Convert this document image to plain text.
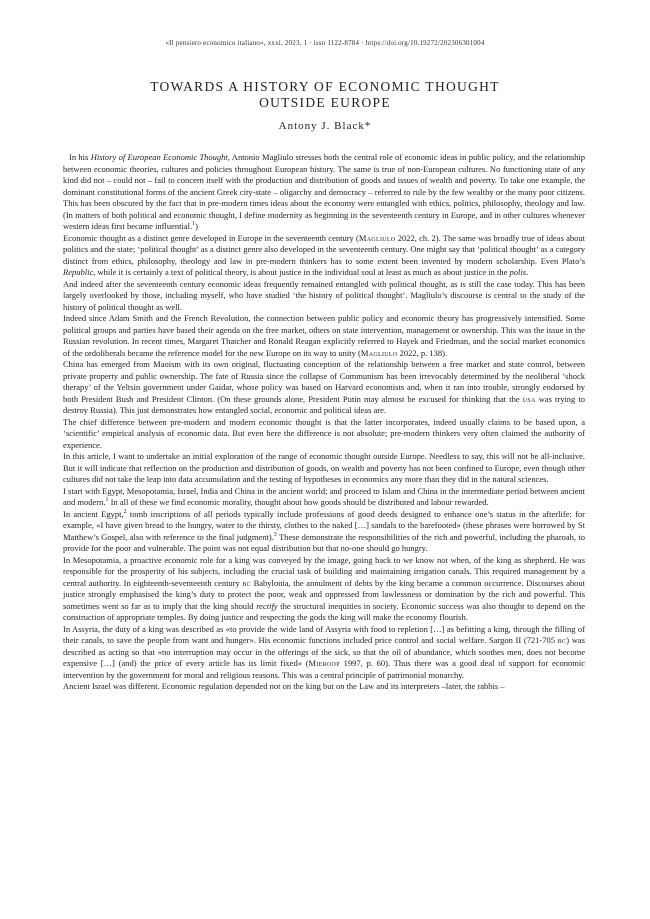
«Il pensiero economico italiano», xxxi, 2023, 1 · issn 1122-8784 · https://doi.org/10.19272/202306301004
TOWARDS A HISTORY OF ECONOMIC THOUGHT
OUTSIDE EUROPE
Antony J. Black*

In his History of European Economic Thought, Antonio Magliulo stresses both the central role of economic ideas in public policy, and the relationship between economic theories, cultures and policies throughout European history. The same is true of non-European cultures. No functioning state of any kind did not – could not – fail to concern itself with the production and distribution of goods and issues of wealth and poverty. To take one example, the dominant constitutional forms of the ancient Greek city-state – oligarchy and democracy – referred to rule by the few wealthy or the many poor citizens. This has been obscured by the fact that in pre-modern times ideas about the economy were entangled with ethics, politics, philosophy, theology and law. (In matters of both political and economic thought, I define modernity as beginning in the seventeenth century in Europe, and in other cultures whenever western ideas first became influential.$^1$)

Economic thought as a distinct genre developed in Europe in the seventeenth century (Magliulo 2022, ch. 2). The same was broadly true of ideas about politics and the state; ‘political thought’ as a distinct genre also developed in the seventeenth century. One might say that ‘political thought’ as a category distinct from ethics, philosophy, theology and law in pre-modern thinkers has to some extent been invented by modern scholarship. Even Plato’s Republic, while it is certainly a text of political theory, is about justice in the individual soul at least as much as about justice in the polis.

And indeed after the seventeenth century economic ideas frequently remained entangled with political thought, as is still the case today. This has been largely overlooked by those, including myself, who have studied ‘the history of political thought’. Magliulo’s discourse is central to the study of the history of political thought as well.

Indeed since Adam Smith and the French Revolution, the connection between public policy and economic theory has progressively intensified. Some political groups and parties have based their agenda on the free market, others on state intervention, management or ownership. This was the issue in the Russian revolution. In recent times, Margaret Thatcher and Ronald Reagan explicitly referred to Hayek and Friedman, and the social market economics of the ordoliberals became the reference model for the new Europe on its way to unity (Magliulo 2022, p. 138).

China has emerged from Maoism with its own original, fluctuating conception of the relationship between a free market and state control, between private property and public ownership. The fate of Russia since the collapse of Communism has been irrevocably determined by the neoliberal ‘shock therapy’ of the Yeltsin government under Gaidar, whose policy was based on Harvard economists and, when it ran into trouble, strongly endorsed by both President Bush and President Clinton. (On these grounds alone, President Putin may almost be excused for thinking that the usa was trying to destroy Russia). This just demonstrates how entangled social, economic and political ideas are.

The chief difference between pre-modern and modern economic thought is that the latter incorporates, indeed usually claims to be based upon, a ‘scientific’ empirical analysis of economic data. But even here the difference is not absolute; pre-modern thinkers very often claimed the authority of experience.

In this article, I want to undertake an initial exploration of the range of economic thought outside Europe. Needless to say, this will not be all-inclusive. But it will indicate that reflection on the production and distribution of goods, on wealth and poverty has not been confined to Europe, even though other cultures did not take the leap into data accumulation and the testing of hypotheses in economics any more than they did in the natural sciences.

I start with Egypt, Mesopotamia, Israel, India and China in the ancient world; and proceed to Islam and China in the intermediate period between ancient and modern.$^1$ In all of these we find economic morality, thought about how goods should be distributed and labour rewarded.

In ancient Egypt,$^2$ tomb inscriptions of all periods typically include professions of good deeds designed to enhance one’s status in the afterlife: for example, «I have given bread to the hungry, water to the thirsty, clothes to the naked […] sandals to the barefooted» (these phrases were borrowed by St Matthew’s Gospel, also with reference to the final judgment).$^3$ These demonstrate the responsibilities of the rich and powerful, including the pharoah, to provide for the poor and vulnerable. The point was not equal distribution but that no-one should go hungry.

In Mesopotamia, a proactive economic role for a king was conveyed by the image, going back to we know not when, of the king as shepherd. He was responsible for the prosperity of his subjects, including the crucial task of building and maintaining irrigation canals. This required management by a central authority. In eighteenth-seventeenth century bc Babylonia, the annulment of debts by the king became a common occurrence. Discourses about justice strongly emphasised the king’s duty to protect the poor, weak and oppressed from lawlessness or domination by the rich and powerful. This sometimes went so far as to imply that the king should rectify the structural inequities in society. Economic success was also thought to depend on the construction of appropriate temples. By doing justice and respecting the gods the king will make the economy flourish.

In Assyria, the duty of a king was described as «to provide the wide land of Assyria with food to repletion […] as befitting a king, through the filling of their canals, to save the people from want and hunger». His economic functions included price control and social welfare. Sargon II (721-705 bc) was described as acting so that «no interruption may occur in the offerings of the sick, so that the oil of abundance, which soothes men, does not become expensive […] (and) the price of every article has its limit fixed» (Mieroop 1997, p. 60). Thus there was a good deal of support for economic intervention by the government for moral and religious reasons. This was a central principle of patrimonial monarchy.

Ancient Israel was different. Economic regulation depended not on the king but on the Law and its interpreters –later, the rabbis –
